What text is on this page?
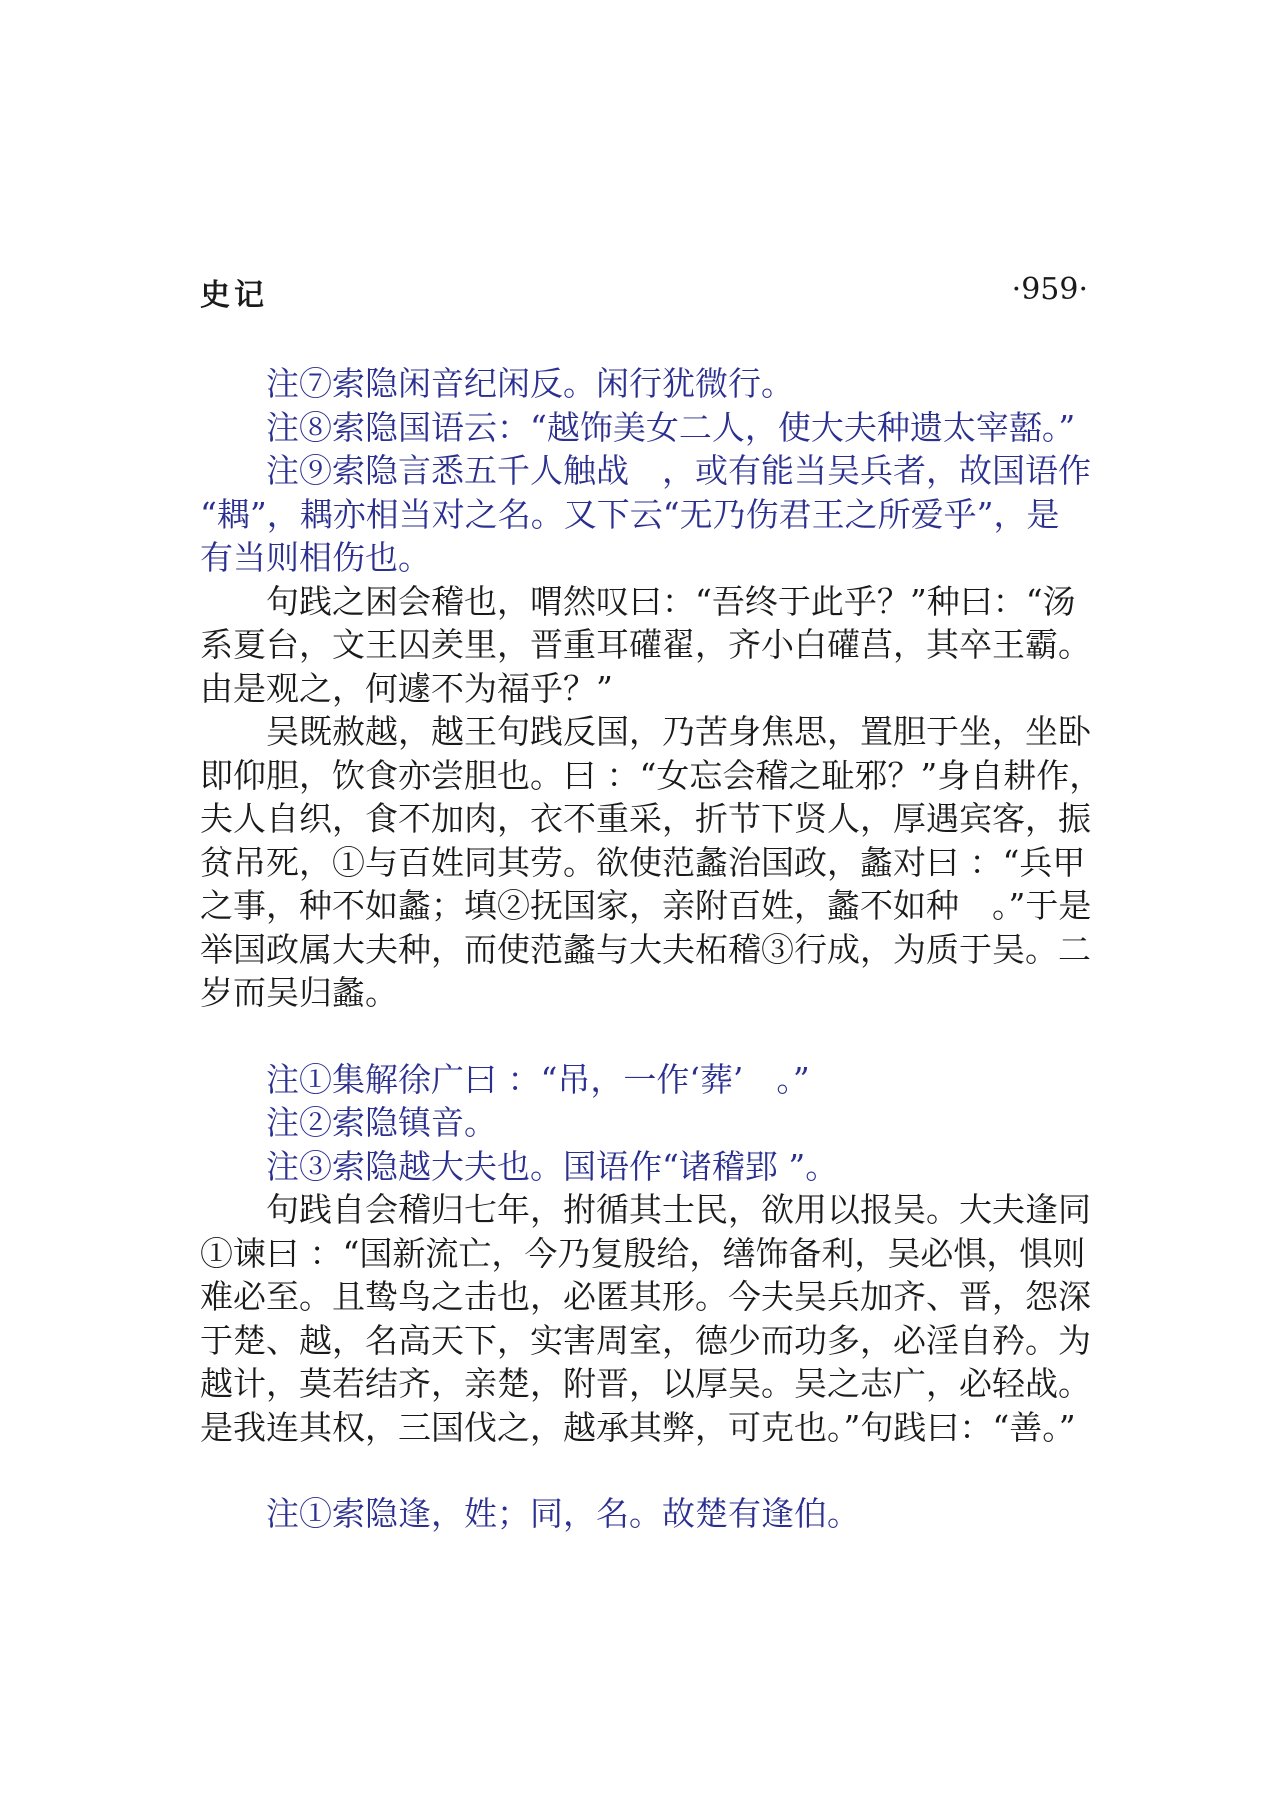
史记	·959·
　　注⑦索隐闲音纪闲反。闲行犹微行。
　　注⑧索隐国语云：“越饰美女二人，使大夫种遗太宰嚭。”
　　注⑨索隐言悉五千人触战　，或有能当吴兵者，故国语作
“耦”，耦亦相当对之名。又下云“无乃伤君王之所爱乎”，是
有当则相伤也。
　　句践之困会稽也，喟然叹曰：“吾终于此乎？”种曰：“汤
系夏台，文王囚羑里，晋重耳礶翟，齐小白礶莒，其卒王霸。
由是观之，何遽不为福乎？”
　　吴既赦越，越王句践反国，乃苦身焦思，置胆于坐，坐卧
即仰胆，饮食亦尝胆也。曰 ：“女忘会稽之耻邪？”身自耕作，
夫人自织，食不加肉，衣不重采，折节下贤人，厚遇宾客，振
贫吊死，①与百姓同其劳。欲使范蠡治国政，蠡对曰 ：“兵甲
之事，种不如蠡；填②抚国家，亲附百姓，蠡不如种　。”于是
举国政属大夫种，而使范蠡与大夫柘稽③行成，为质于吴。二
岁而吴归蠡。
　　注①集解徐广曰 ：“吊，一作‘葬’　。”
　　注②索隐镇音。
　　注③索隐越大夫也。国语作“诸稽郢 ”。
　　句践自会稽归七年，拊循其士民，欲用以报吴。大夫逢同
①谏曰 ：“国新流亡，今乃复殷给，缮饰备利，吴必惧，惧则
难必至。且鸷鸟之击也，必匿其形。今夫吴兵加齐、晋，怨深
于楚、越，名高天下，实害周室，德少而功多，必淫自矜。为
越计，莫若结齐，亲楚，附晋，以厚吴。吴之志广，必轻战。
是我连其权，三国伐之，越承其弊，可克也。”句践曰：“善。”
　　注①索隐逢，姓；同，名。故楚有逢伯。
